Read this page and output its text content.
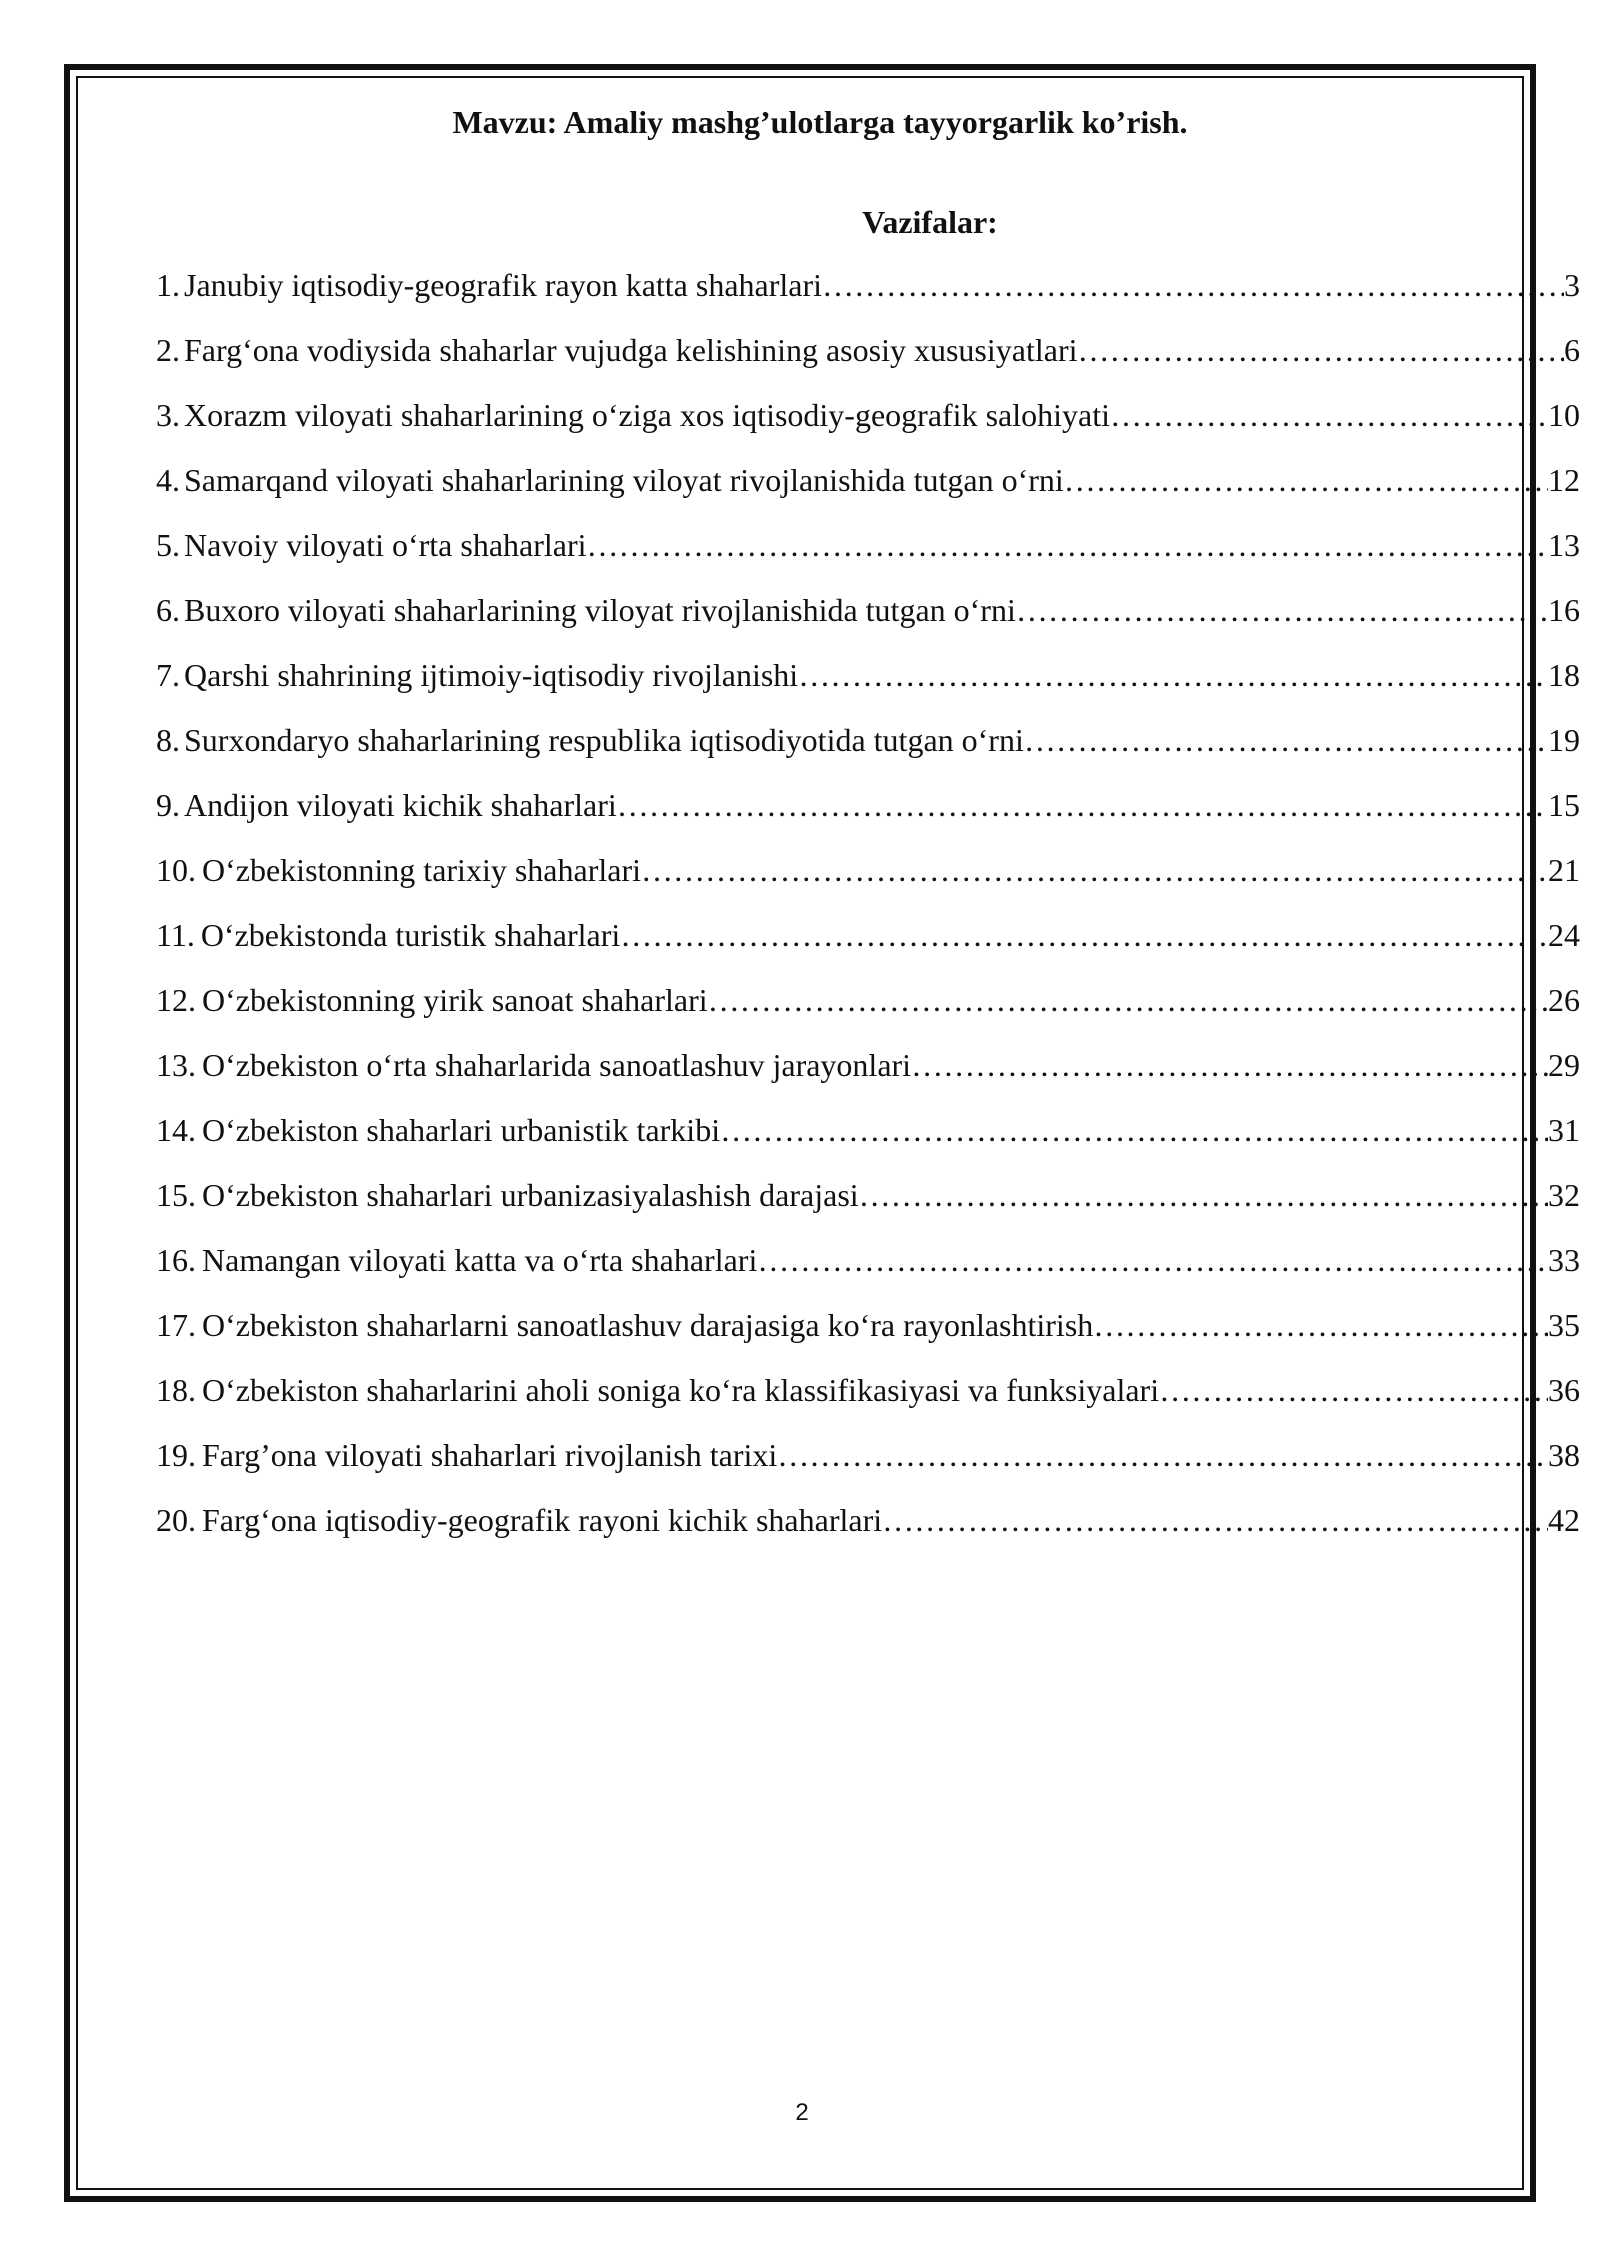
Mavzu: Amaliy mashg’ulotlarga tayyorgarlik ko’rish.
Vazifalar:
1. Janubiy iqtisodiy-geografik rayon katta shaharlari ……………………………………………………………………………………………………………………………………………………………………	3
2. Farg‘ona vodiysida shaharlar vujudga kelishining asosiy xususiyatlari ……………………………………………………………………………………………………………………………………………………………………	6
3. Xorazm viloyati shaharlarining o‘ziga xos iqtisodiy-geografik salohiyati ……………………………………………………………………………………………………………………………………………………………………	10
4. Samarqand viloyati shaharlarining viloyat rivojlanishida tutgan o‘rni ……………………………………………………………………………………………………………………………………………………………………	12
5. Navoiy viloyati o‘rta shaharlari ……………………………………………………………………………………………………………………………………………………………………	13
6. Buxoro viloyati shaharlarining viloyat rivojlanishida tutgan o‘rni ……………………………………………………………………………………………………………………………………………………………………	16
7. Qarshi shahrining ijtimoiy-iqtisodiy rivojlanishi ……………………………………………………………………………………………………………………………………………………………………	18
8. Surxondaryo shaharlarining respublika iqtisodiyotida tutgan o‘rni ……………………………………………………………………………………………………………………………………………………………………	19
9. Andijon viloyati kichik shaharlari ……………………………………………………………………………………………………………………………………………………………………	15
10. O‘zbekistonning tarixiy shaharlari ……………………………………………………………………………………………………………………………………………………………………	21
11. O‘zbekistonda turistik shaharlari ……………………………………………………………………………………………………………………………………………………………………	24
12. O‘zbekistonning yirik sanoat shaharlari ……………………………………………………………………………………………………………………………………………………………………	26
13. O‘zbekiston o‘rta shaharlarida sanoatlashuv jarayonlari ……………………………………………………………………………………………………………………………………………………………………	29
14. O‘zbekiston shaharlari urbanistik tarkibi ……………………………………………………………………………………………………………………………………………………………………	31
15. O‘zbekiston shaharlari urbanizasiyalashish darajasi ……………………………………………………………………………………………………………………………………………………………………	32
16. Namangan viloyati katta va o‘rta shaharlari ……………………………………………………………………………………………………………………………………………………………………	33
17. O‘zbekiston shaharlarni sanoatlashuv darajasiga ko‘ra rayonlashtirish ……………………………………………………………………………………………………………………………………………………………………	35
18. O‘zbekiston shaharlarini aholi soniga ko‘ra klassifikasiyasi va funksiyalari ……………………………………………………………………………………………………………………………………………………………………	36
19. Farg’ona viloyati shaharlari rivojlanish tarixi ……………………………………………………………………………………………………………………………………………………………………	38
20. Farg‘ona iqtisodiy-geografik rayoni kichik shaharlari ……………………………………………………………………………………………………………………………………………………………………	42
2
